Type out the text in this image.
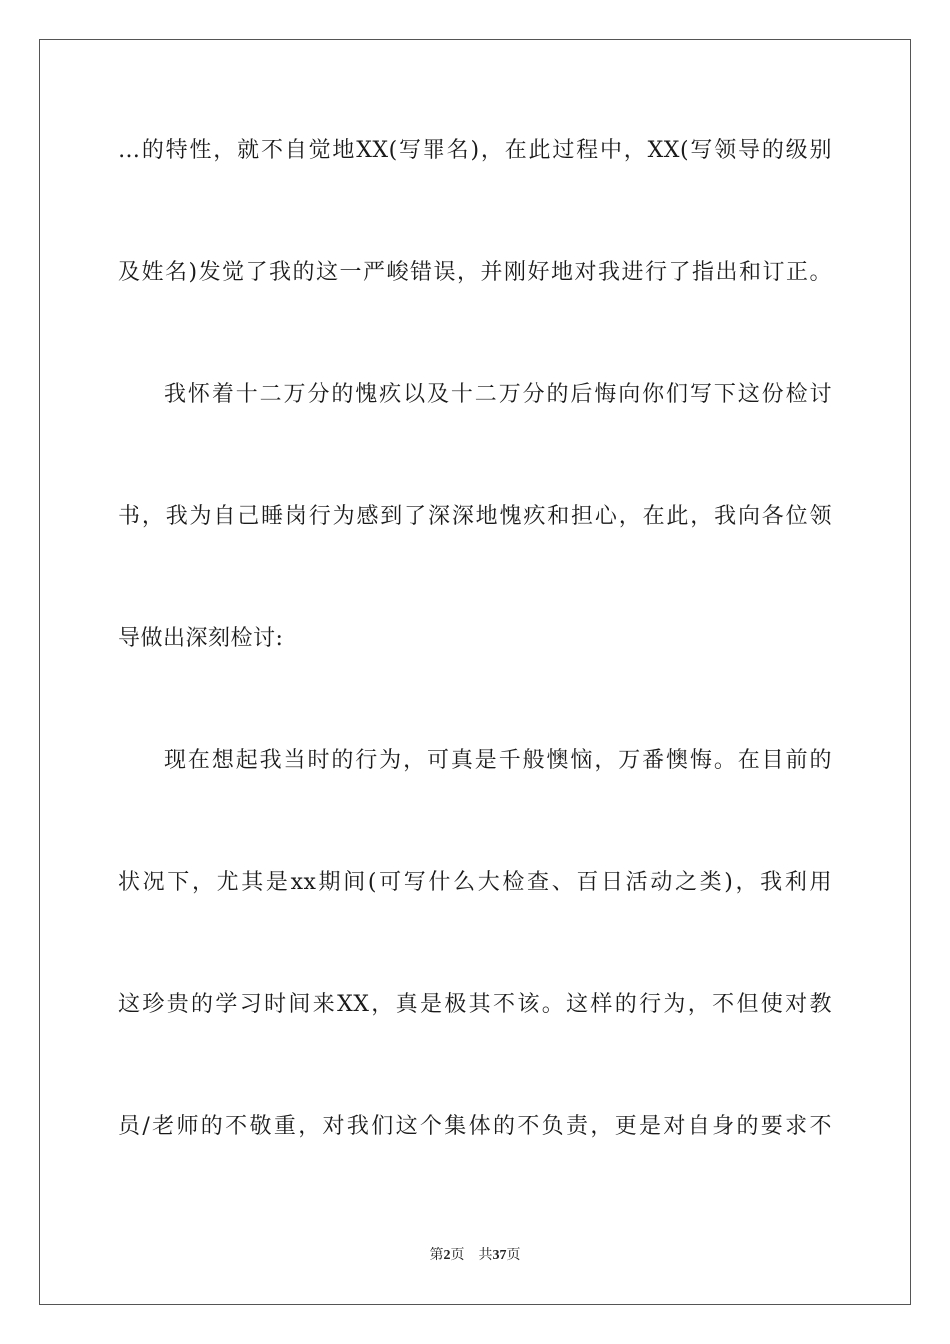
…的特性，就不自觉地XX(写罪名)，在此过程中，XX(写领导的级别
及姓名)发觉了我的这一严峻错误，并刚好地对我进行了指出和订正。
我怀着十二万分的愧疚以及十二万分的后悔向你们写下这份检讨
书，我为自己睡岗行为感到了深深地愧疚和担心，在此，我向各位领
导做出深刻检讨:
现在想起我当时的行为，可真是千般懊恼，万番懊悔。在目前的
状况下，尤其是xx期间(可写什么大检查、百日活动之类)，我利用
这珍贵的学习时间来XX，真是极其不该。这样的行为，不但使对教
员/老师的不敬重，对我们这个集体的不负责，更是对自身的要求不
第2页 共37页
